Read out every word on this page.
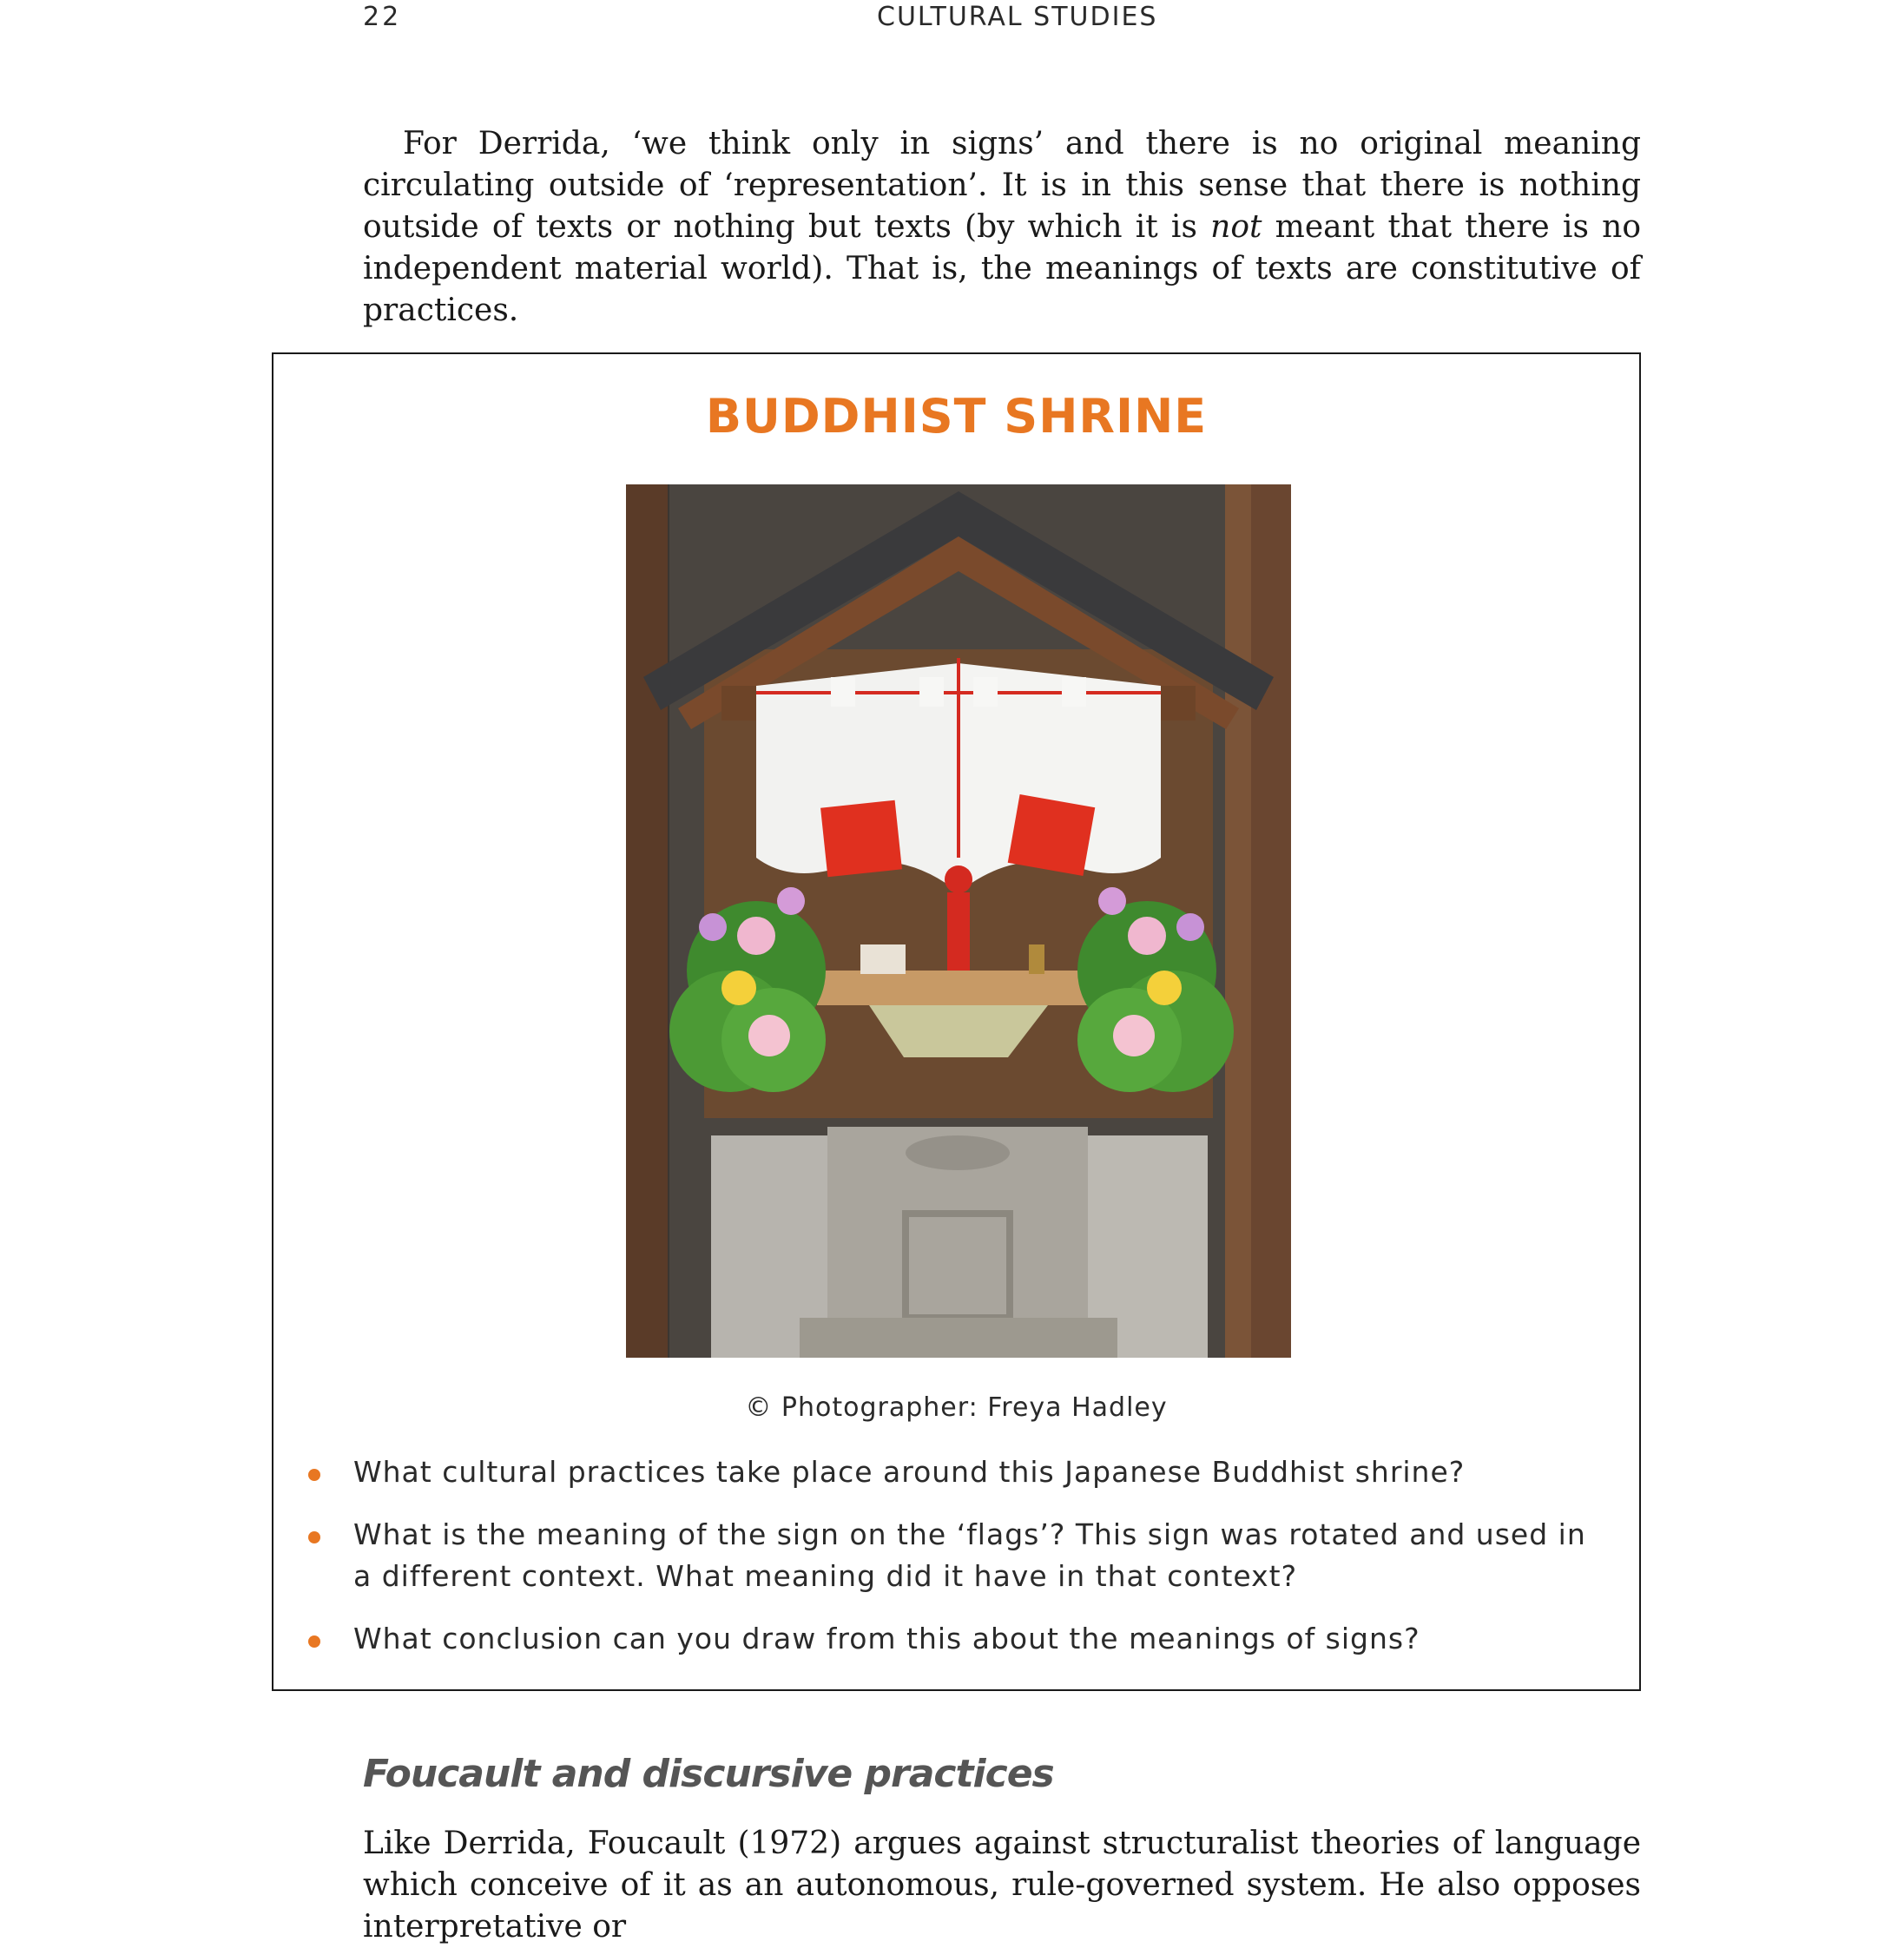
22	CULTURAL STUDIES

For Derrida, ‘we think only in signs’ and there is no original meaning circulating outside of ‘representation’. It is in this sense that there is nothing outside of texts or nothing but texts (by which it is not meant that there is no independent material world). That is, the meanings of texts are constitutive of practices.

BUDDHIST SHRINE
© Photographer: Freya Hadley
What cultural practices take place around this Japanese Buddhist shrine?
What is the meaning of the sign on the ‘flags’? This sign was rotated and used in a different context. What meaning did it have in that context?
What conclusion can you draw from this about the meanings of signs?
Foucault and discursive practices

Like Derrida, Foucault (1972) argues against structuralist theories of language which conceive of it as an autonomous, rule-governed system. He also opposes interpretative or
